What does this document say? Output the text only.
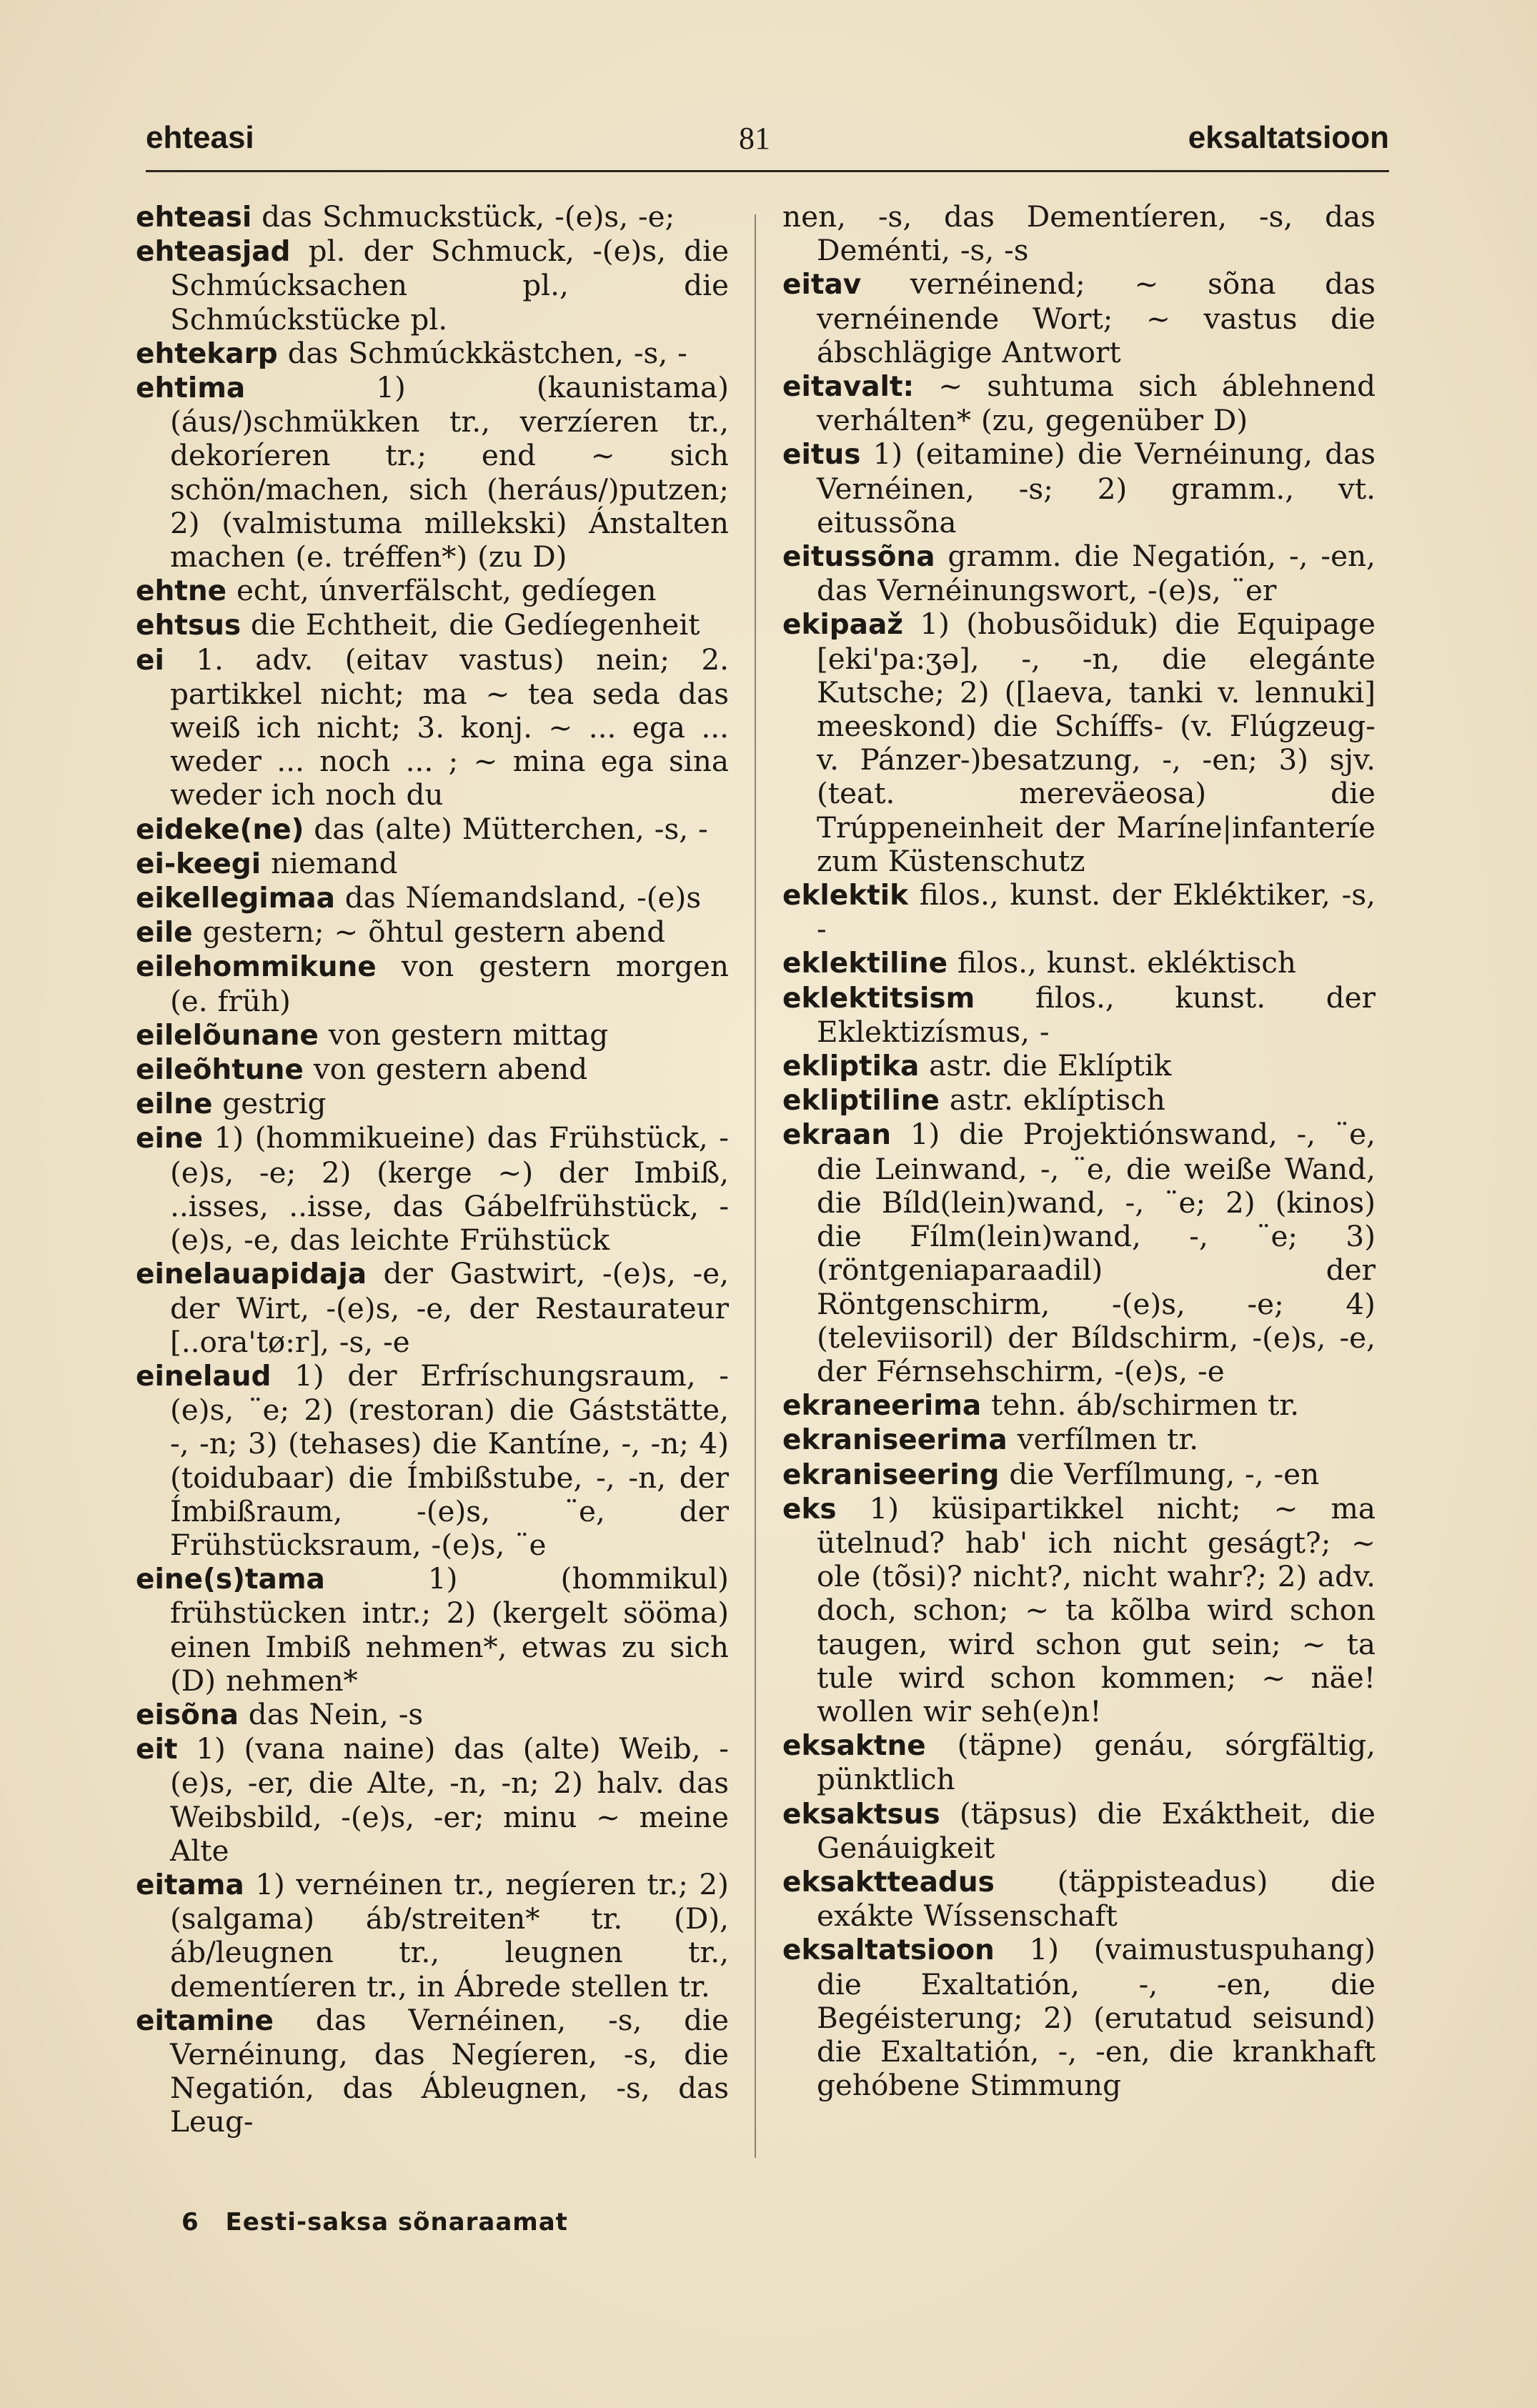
ehteasi	81	eksaltatsioon

ehteasi das Schmuckstück, -(e)s, -e;

ehteasjad pl. der Schmuck, -(e)s, die Schmúcksachen pl., die Schmúckstücke pl.

ehtekarp das Schmúckkästchen, -s, -

ehtima 1) (kaunistama) (áus/)schmükken tr., verzíeren tr., dekoríeren tr.; end ~ sich schön/machen, sich (heráus/)putzen; 2) (valmistuma millekski) Ánstalten machen (e. tréffen*) (zu D)

ehtne echt, únverfälscht, gedíegen

ehtsus die Echtheit, die Gedíegenheit

ei 1. adv. (eitav vastus) nein; 2. partikkel nicht; ma ~ tea seda das weiß ich nicht; 3. konj. ~ ... ega ... weder ... noch ... ; ~ mina ega sina weder ich noch du

eideke(ne) das (alte) Mütterchen, -s, -

ei-keegi niemand

eikellegimaa das Níemandsland, -(e)s

eile gestern; ~ õhtul gestern abend

eilehommikune von gestern morgen (e. früh)

eilelõunane von gestern mittag

eileõhtune von gestern abend

eilne gestrig

eine 1) (hommikueine) das Frühstück, -(e)s, -e; 2) (kerge ~) der Imbiß, ..isses, ..isse, das Gábelfrühstück, -(e)s, -e, das leichte Frühstück

einelauapidaja der Gastwirt, -(e)s, -e, der Wirt, -(e)s, -e, der Restaurateur [..ora'tø:r], -s, -e

einelaud 1) der Erfríschungsraum, -(e)s, ¨e; 2) (restoran) die Gáststätte, -, -n; 3) (tehases) die Kantíne, -, -n; 4) (toidubaar) die Ímbißstube, -, -n, der Ímbißraum, -(e)s, ¨e, der Frühstücksraum, -(e)s, ¨e

eine(s)tama 1) (hommikul) frühstücken intr.; 2) (kergelt sööma) einen Imbiß nehmen*, etwas zu sich (D) nehmen*

eisõna das Nein, -s

eit 1) (vana naine) das (alte) Weib, -(e)s, -er, die Alte, -n, -n; 2) halv. das Weibsbild, -(e)s, -er; minu ~ meine Alte

eitama 1) vernéinen tr., negíeren tr.; 2) (salgama) áb/streiten* tr. (D), áb/leugnen tr., leugnen tr., dementíeren tr., in Ábrede stellen tr.

eitamine das Vernéinen, -s, die Vernéinung, das Negíeren, -s, die Negatión, das Ábleugnen, -s, das Leug-

nen, -s, das Dementíeren, -s, das Deménti, -s, -s

eitav vernéinend; ~ sõna das vernéinende Wort; ~ vastus die ábschlägige Antwort

eitavalt: ~ suhtuma sich áblehnend verhálten* (zu, gegenüber D)

eitus 1) (eitamine) die Vernéinung, das Vernéinen, -s; 2) gramm., vt. eitussõna

eitussõna gramm. die Negatión, -, -en, das Vernéinungswort, -(e)s, ¨er

ekipaaž 1) (hobusõiduk) die Equipage [eki'pa:ʒə], -, -n, die elegánte Kutsche; 2) ([laeva, tanki v. lennuki] meeskond) die Schíffs- (v. Flúgzeug- v. Pánzer-)besatzung, -, -en; 3) sjv. (teat. mereväeosa) die Trúppeneinheit der Maríne|infanteríe zum Küstenschutz

eklektik filos., kunst. der Eklé́ktiker, -s, -

eklektiline filos., kunst. ekléktisch

eklektitsism filos., kunst. der Eklektizísmus, -

ekliptika astr. die Eklíptik

ekliptiline astr. eklíptisch

ekraan 1) die Projektiónswand, -, ¨e, die Leinwand, -, ¨e, die weiße Wand, die Bíld(lein)wand, -, ¨e; 2) (kinos) die Fílm(lein)wand, -, ¨e; 3) (röntgeniaparaadil) der Röntgenschirm, -(e)s, -e; 4) (televiisoril) der Bíldschirm, -(e)s, -e, der Férnsehschirm, -(e)s, -e

ekraneerima tehn. áb/schirmen tr.

ekraniseerima verfílmen tr.

ekraniseering die Verfílmung, -, -en

eks 1) küsipartikkel nicht; ~ ma ütelnud? hab' ich nicht geságt?; ~ ole (tõsi)? nicht?, nicht wahr?; 2) adv. doch, schon; ~ ta kõlba wird schon taugen, wird schon gut sein; ~ ta tule wird schon kommen; ~ näe! wollen wir seh(e)n!

eksaktne (täpne) genáu, sórgfältig, pünktlich

eksaktsus (täpsus) die Exáktheit, die Genáuigkeit

eksaktteadus (täppisteadus) die exákte Wíssenschaft

eksaltatsioon 1) (vaimustuspuhang) die Exaltatión, -, -en, die Begéisterung; 2) (erutatud seisund) die Exaltatión, -, -en, die krankhaft gehóbene Stimmung

6 Eesti-saksa sõnaraamat
